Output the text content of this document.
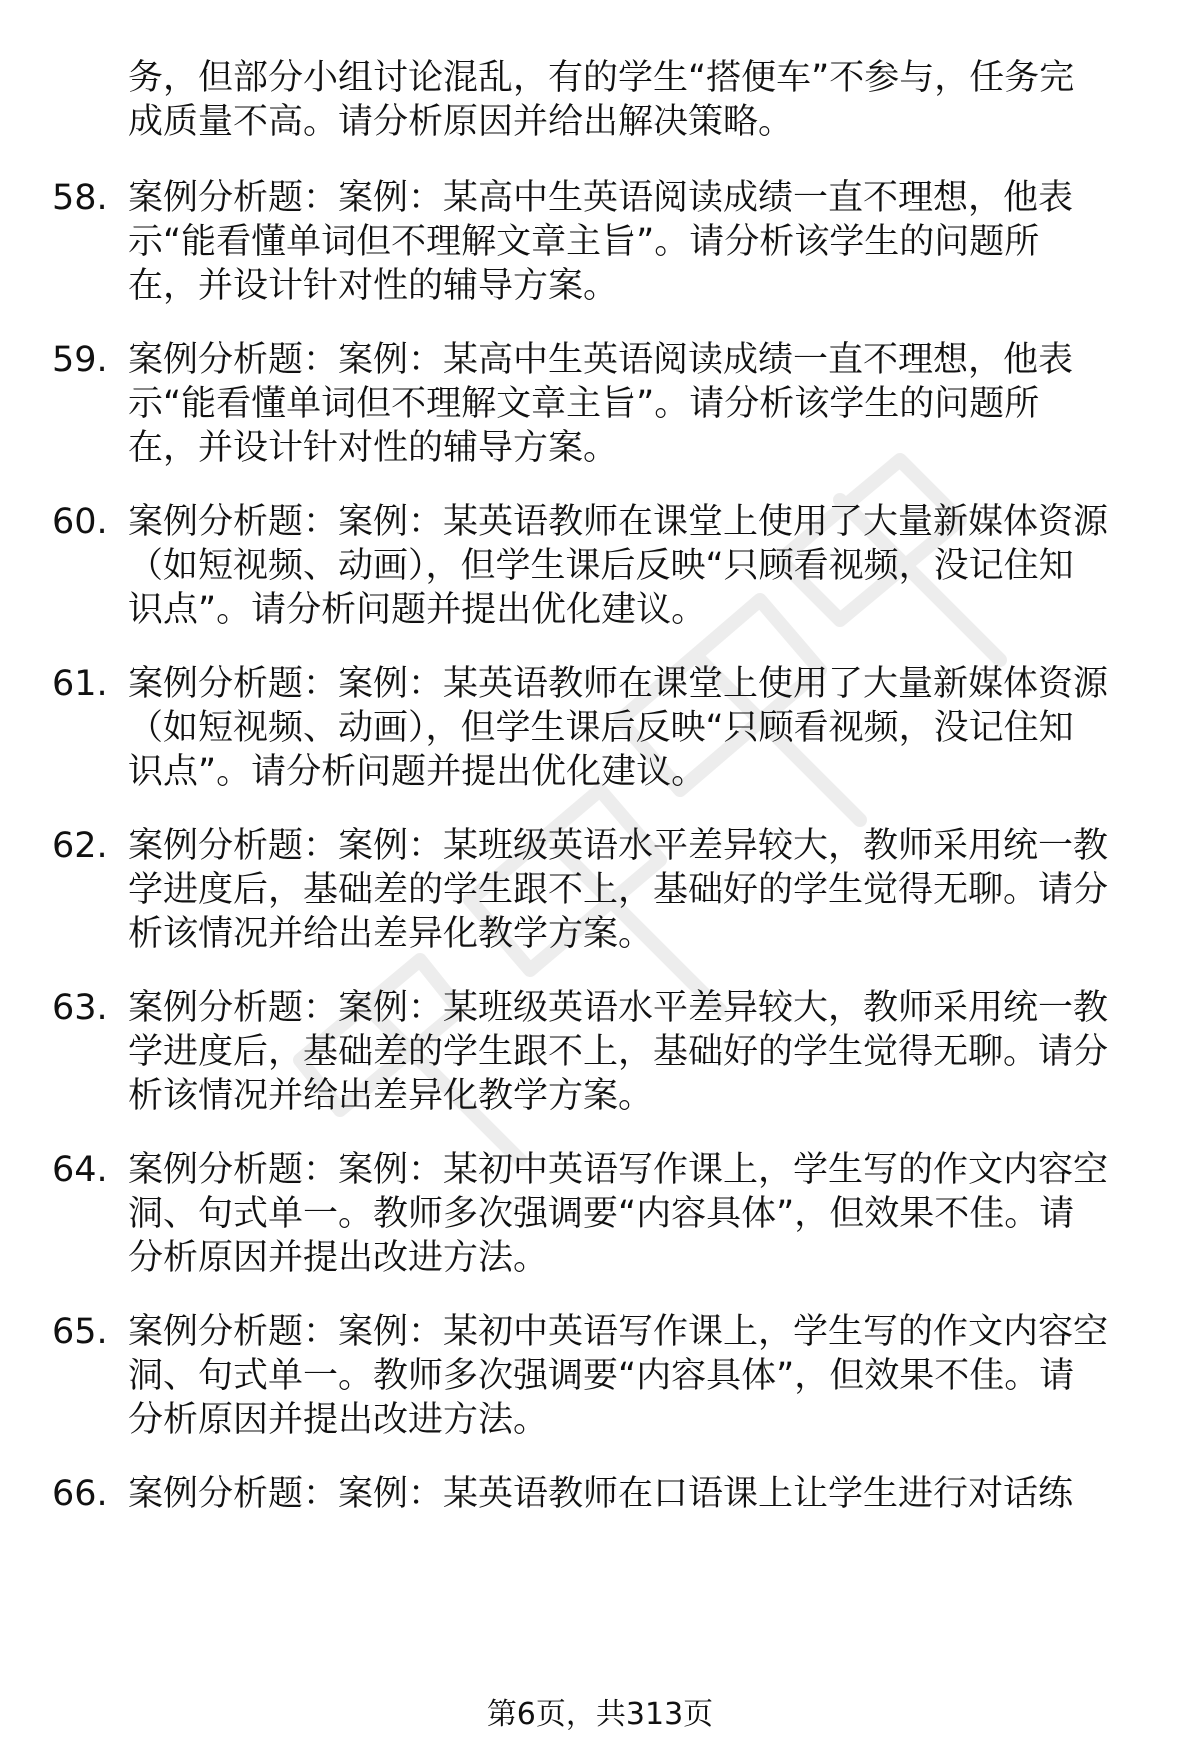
务，但部分小组讨论混乱，有的学生“搭便车”不参与，任务完
成质量不高。请分析原因并给出解决策略。
58. 案例分析题：案例：某高中生英语阅读成绩一直不理想，他表
示“能看懂单词但不理解文章主旨”。请分析该学生的问题所
在，并设计针对性的辅导方案。
59. 案例分析题：案例：某高中生英语阅读成绩一直不理想，他表
示“能看懂单词但不理解文章主旨”。请分析该学生的问题所
在，并设计针对性的辅导方案。
60. 案例分析题：案例：某英语教师在课堂上使用了大量新媒体资源
（如短视频、动画），但学生课后反映“只顾看视频，没记住知
识点”。请分析问题并提出优化建议。
61. 案例分析题：案例：某英语教师在课堂上使用了大量新媒体资源
（如短视频、动画），但学生课后反映“只顾看视频，没记住知
识点”。请分析问题并提出优化建议。
62. 案例分析题：案例：某班级英语水平差异较大，教师采用统一教
学进度后，基础差的学生跟不上，基础好的学生觉得无聊。请分
析该情况并给出差异化教学方案。
63. 案例分析题：案例：某班级英语水平差异较大，教师采用统一教
学进度后，基础差的学生跟不上，基础好的学生觉得无聊。请分
析该情况并给出差异化教学方案。
64. 案例分析题：案例：某初中英语写作课上，学生写的作文内容空
洞、句式单一。教师多次强调要“内容具体”，但效果不佳。请
分析原因并提出改进方法。
65. 案例分析题：案例：某初中英语写作课上，学生写的作文内容空
洞、句式单一。教师多次强调要“内容具体”，但效果不佳。请
分析原因并提出改进方法。
66. 案例分析题：案例：某英语教师在口语课上让学生进行对话练
第6页，共313页
